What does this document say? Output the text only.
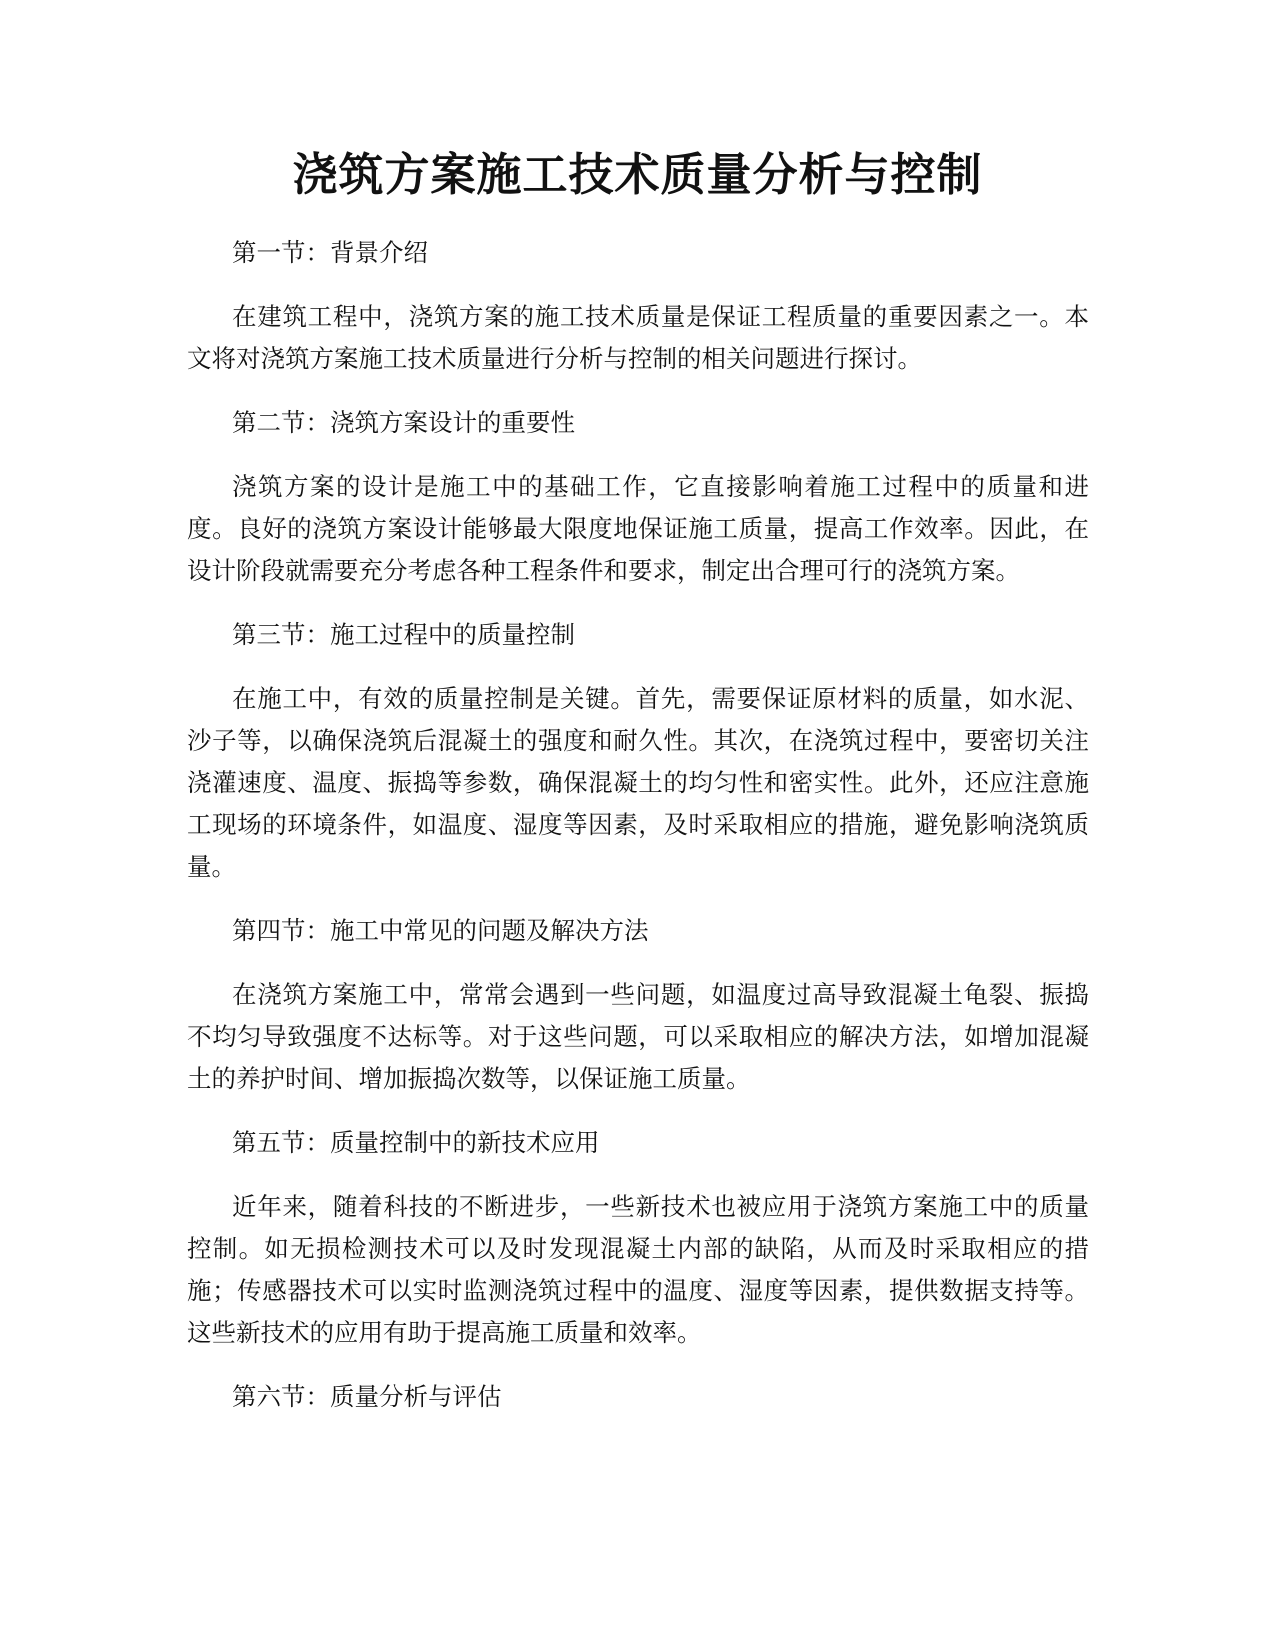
浇筑方案施工技术质量分析与控制

第一节：背景介绍

在建筑工程中，浇筑方案的施工技术质量是保证工程质量的重要因素之一。本文将对浇筑方案施工技术质量进行分析与控制的相关问题进行探讨。

第二节：浇筑方案设计的重要性

浇筑方案的设计是施工中的基础工作，它直接影响着施工过程中的质量和进度。良好的浇筑方案设计能够最大限度地保证施工质量，提高工作效率。因此，在设计阶段就需要充分考虑各种工程条件和要求，制定出合理可行的浇筑方案。

第三节：施工过程中的质量控制

在施工中，有效的质量控制是关键。首先，需要保证原材料的质量，如水泥、沙子等，以确保浇筑后混凝土的强度和耐久性。其次，在浇筑过程中，要密切关注浇灌速度、温度、振捣等参数，确保混凝土的均匀性和密实性。此外，还应注意施工现场的环境条件，如温度、湿度等因素，及时采取相应的措施，避免影响浇筑质量。

第四节：施工中常见的问题及解决方法

在浇筑方案施工中，常常会遇到一些问题，如温度过高导致混凝土龟裂、振捣不均匀导致强度不达标等。对于这些问题，可以采取相应的解决方法，如增加混凝土的养护时间、增加振捣次数等，以保证施工质量。

第五节：质量控制中的新技术应用

近年来，随着科技的不断进步，一些新技术也被应用于浇筑方案施工中的质量控制。如无损检测技术可以及时发现混凝土内部的缺陷，从而及时采取相应的措施；传感器技术可以实时监测浇筑过程中的温度、湿度等因素，提供数据支持等。这些新技术的应用有助于提高施工质量和效率。

第六节：质量分析与评估
